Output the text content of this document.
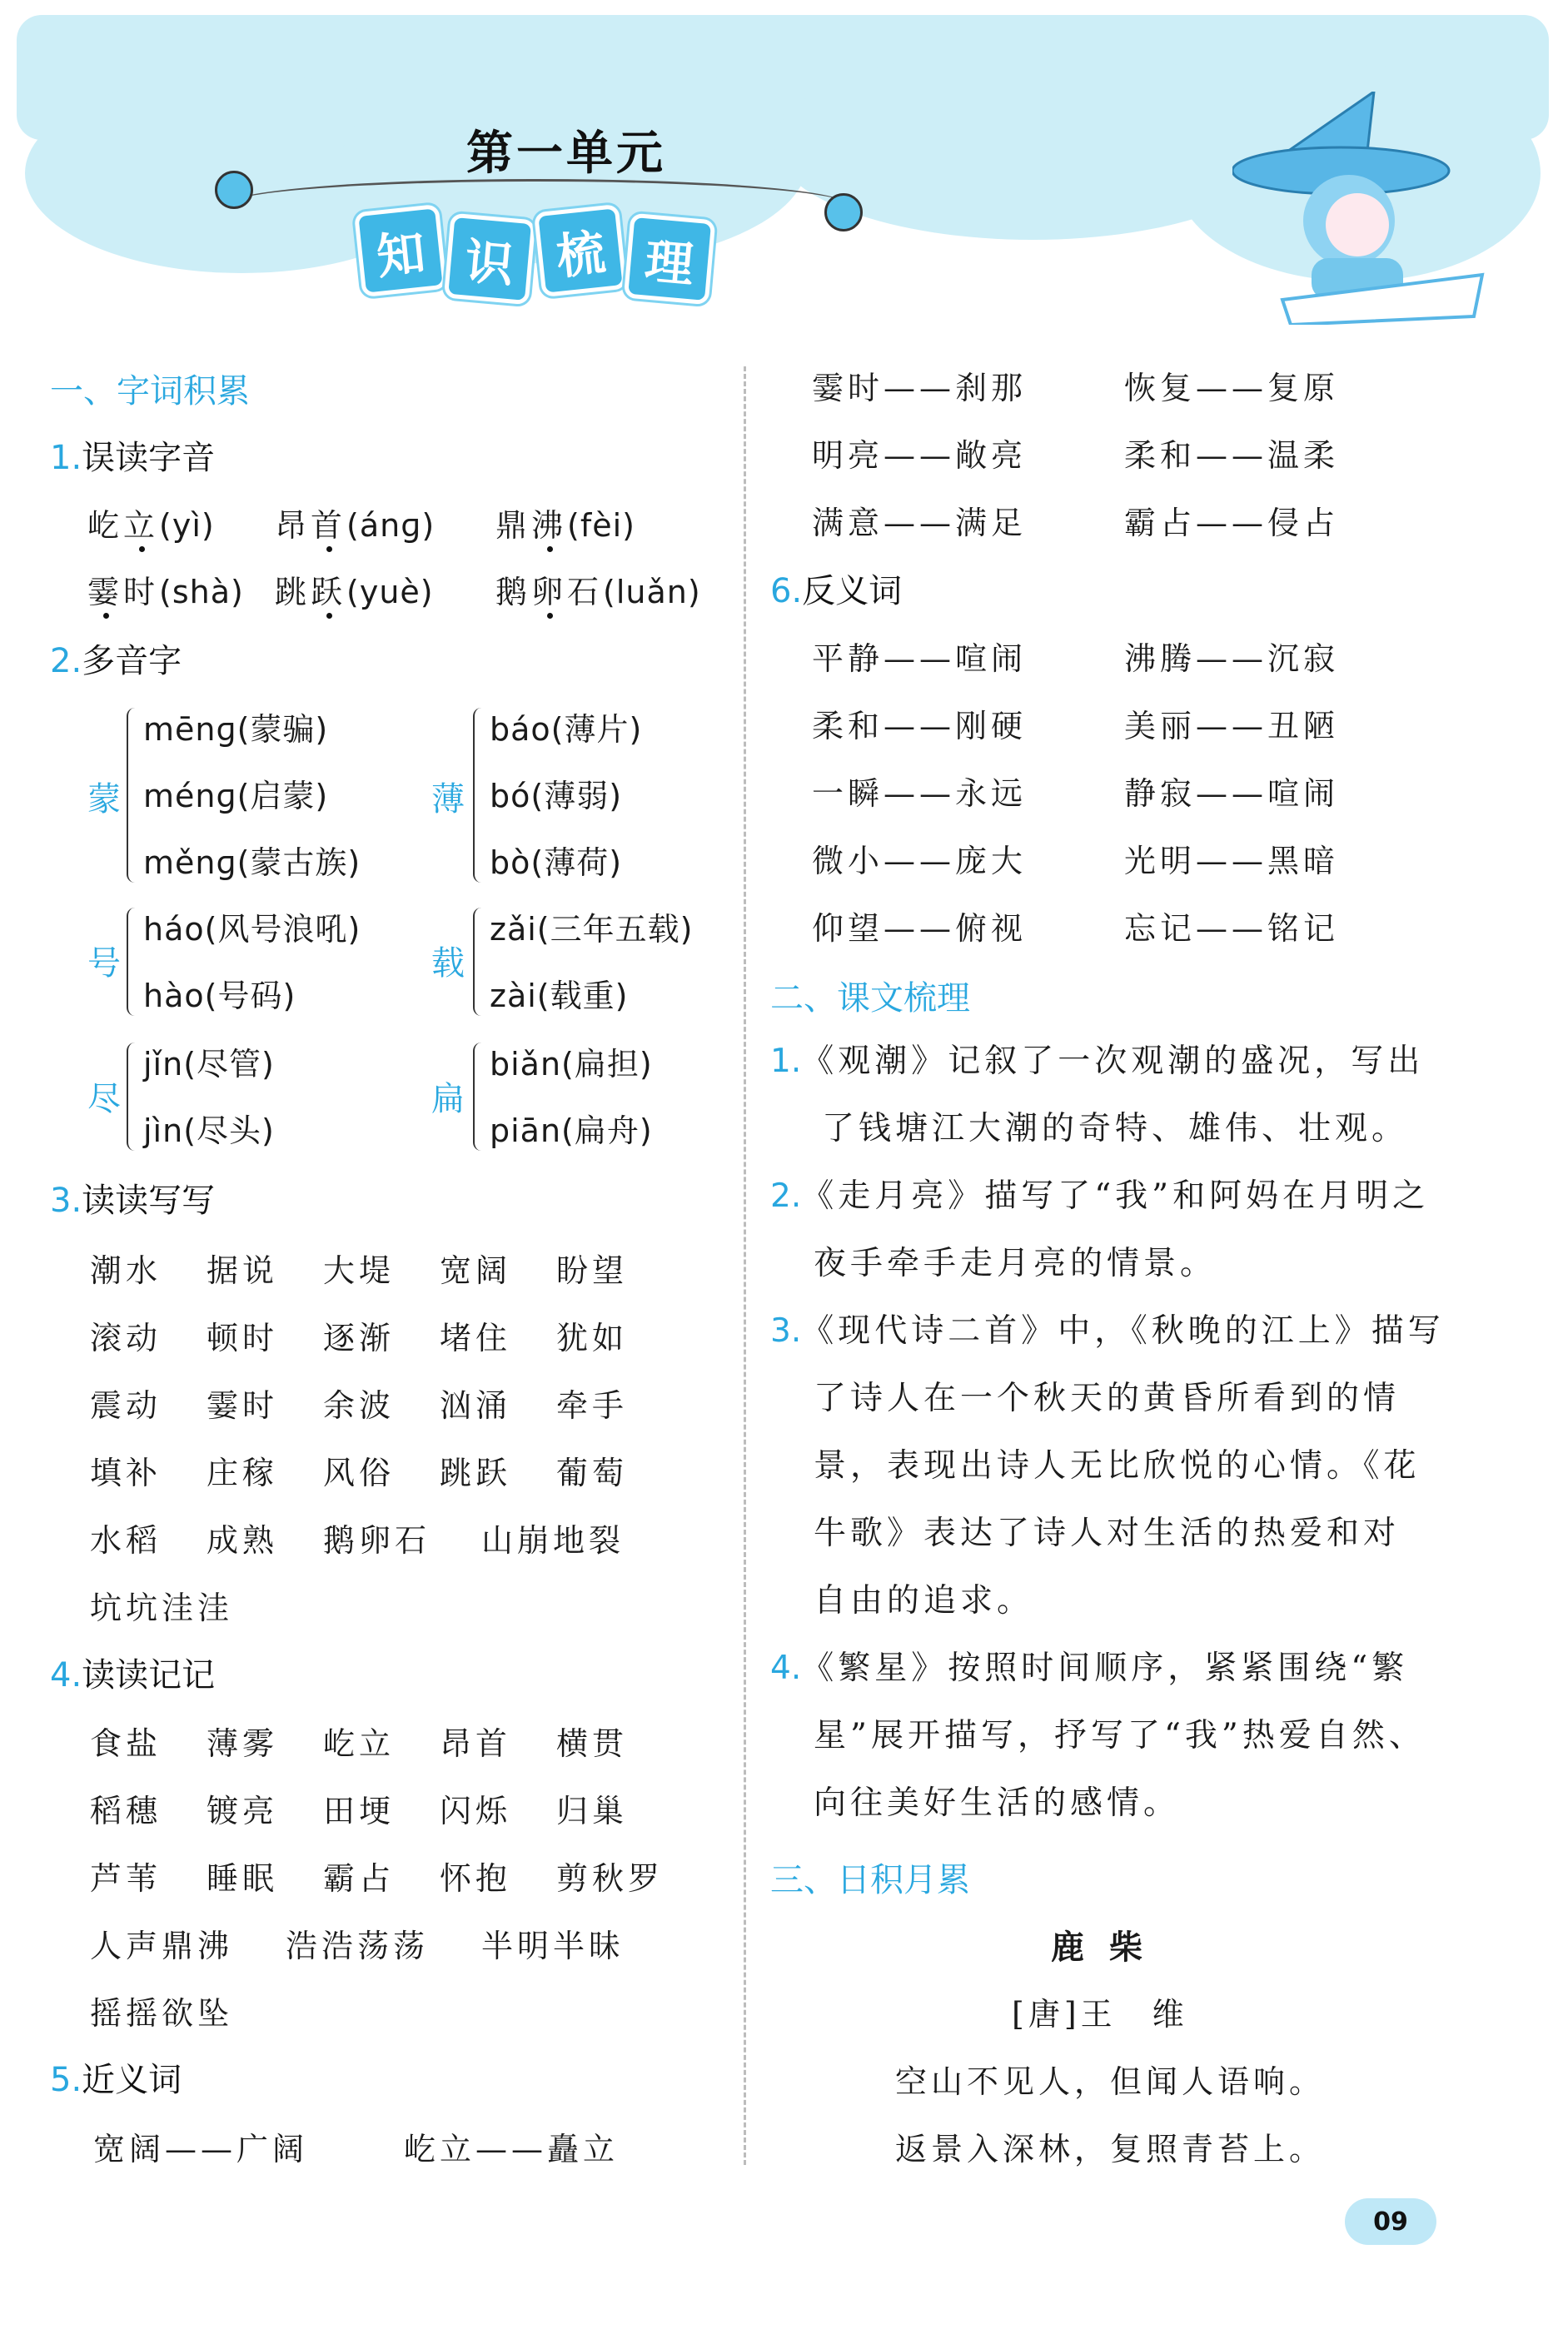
第一单元
知 识 梳 理
一、字词积累
1.误读字音
屹立(yì) 昂首(ánɡ) 鼎沸(fèi)
霎时(shà) 跳跃(yuè) 鹅卵石(luǎn)
2.多音字
蒙
mēnɡ(蒙骗)
ménɡ(启蒙)
měnɡ(蒙古族)
薄
báo(薄片)
bó(薄弱)
bò(薄荷)
号
háo(风号浪吼)
hào(号码)
载
zǎi(三年五载)
zài(载重)
尽
jǐn(尽管)
jìn(尽头)
扁
biǎn(扁担)
piān(扁舟)
3.读读写写
潮水 据说 大堤 宽阔 盼望
滚动 顿时 逐渐 堵住 犹如
震动 霎时 余波 汹涌 牵手
填补 庄稼 风俗 跳跃 葡萄
水稻 成熟 鹅卵石 山崩地裂
坑坑洼洼
4.读读记记
食盐 薄雾 屹立 昂首 横贯
稻穗 镀亮 田埂 闪烁 归巢
芦苇 睡眠 霸占 怀抱 剪秋罗
人声鼎沸 浩浩荡荡 半明半昧
摇摇欲坠
5.近义词
宽阔——广阔	屹立——矗立
霎时——刹那	恢复——复原
明亮——敞亮	柔和——温柔
满意——满足	霸占——侵占
6.反义词
平静——喧闹	沸腾——沉寂
柔和——刚硬	美丽——丑陋
一瞬——永远	静寂——喧闹
微小——庞大	光明——黑暗
仰望——俯视	忘记——铭记
二、课文梳理
1.《观潮》记叙了一次观潮的盛况，写出
了钱塘江大潮的奇特、雄伟、壮观。
2.《走月亮》描写了“我”和阿妈在月明之
夜手牵手走月亮的情景。
3.《现代诗二首》中，《秋晚的江上》描写
了诗人在一个秋天的黄昏所看到的情
景，表现出诗人无比欣悦的心情。《花
牛歌》表达了诗人对生活的热爱和对
自由的追求。
4.《繁星》按照时间顺序，紧紧围绕“繁
星”展开描写，抒写了“我”热爱自然、
向往美好生活的感情。
三、日积月累
鹿柴
[唐]王　维
空山不见人，但闻人语响。
返景入深林，复照青苔上。
09
